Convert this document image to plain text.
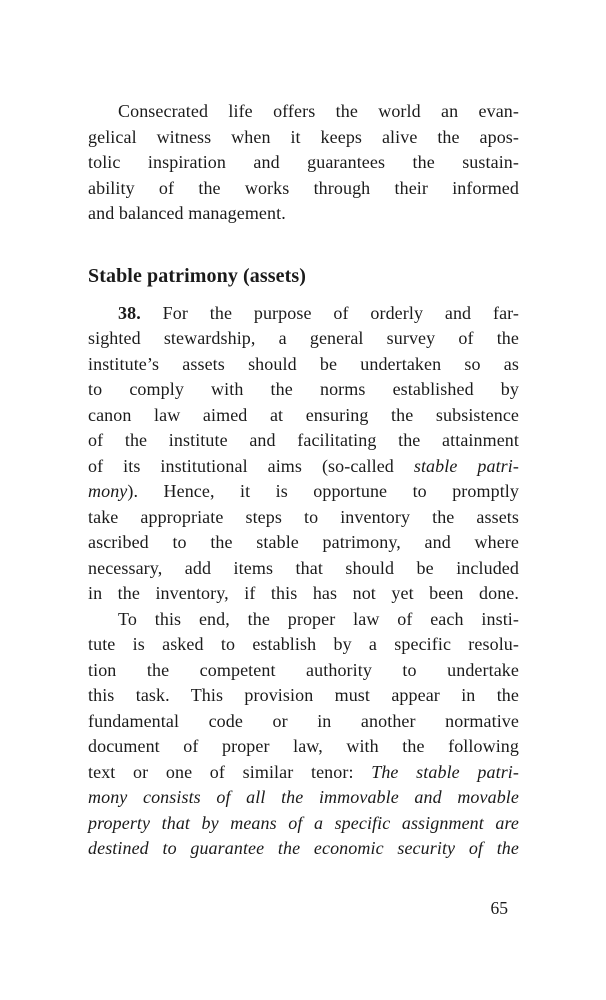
Consecrated life offers the world an evan-
gelical witness when it keeps alive the apos-
tolic inspiration and guarantees the sustain-
ability of the works through their informed
and balanced management.
Stable patrimony (assets)
38. For the purpose of orderly and far-
sighted stewardship, a general survey of the
institute’s assets should be undertaken so as
to comply with the norms established by
canon law aimed at ensuring the subsistence
of the institute and facilitating the attainment
of its institutional aims (so-called stable patri-
mony). Hence, it is opportune to promptly
take appropriate steps to inventory the assets
ascribed to the stable patrimony, and where
necessary, add items that should be included
in the inventory, if this has not yet been done.
To this end, the proper law of each insti-
tute is asked to establish by a specific resolu-
tion the competent authority to undertake
this task. This provision must appear in the
fundamental code or in another normative
document of proper law, with the following
text or one of similar tenor: The stable patri-
mony consists of all the immovable and movable
property that by means of a specific assignment are
destined to guarantee the economic security of the
65
